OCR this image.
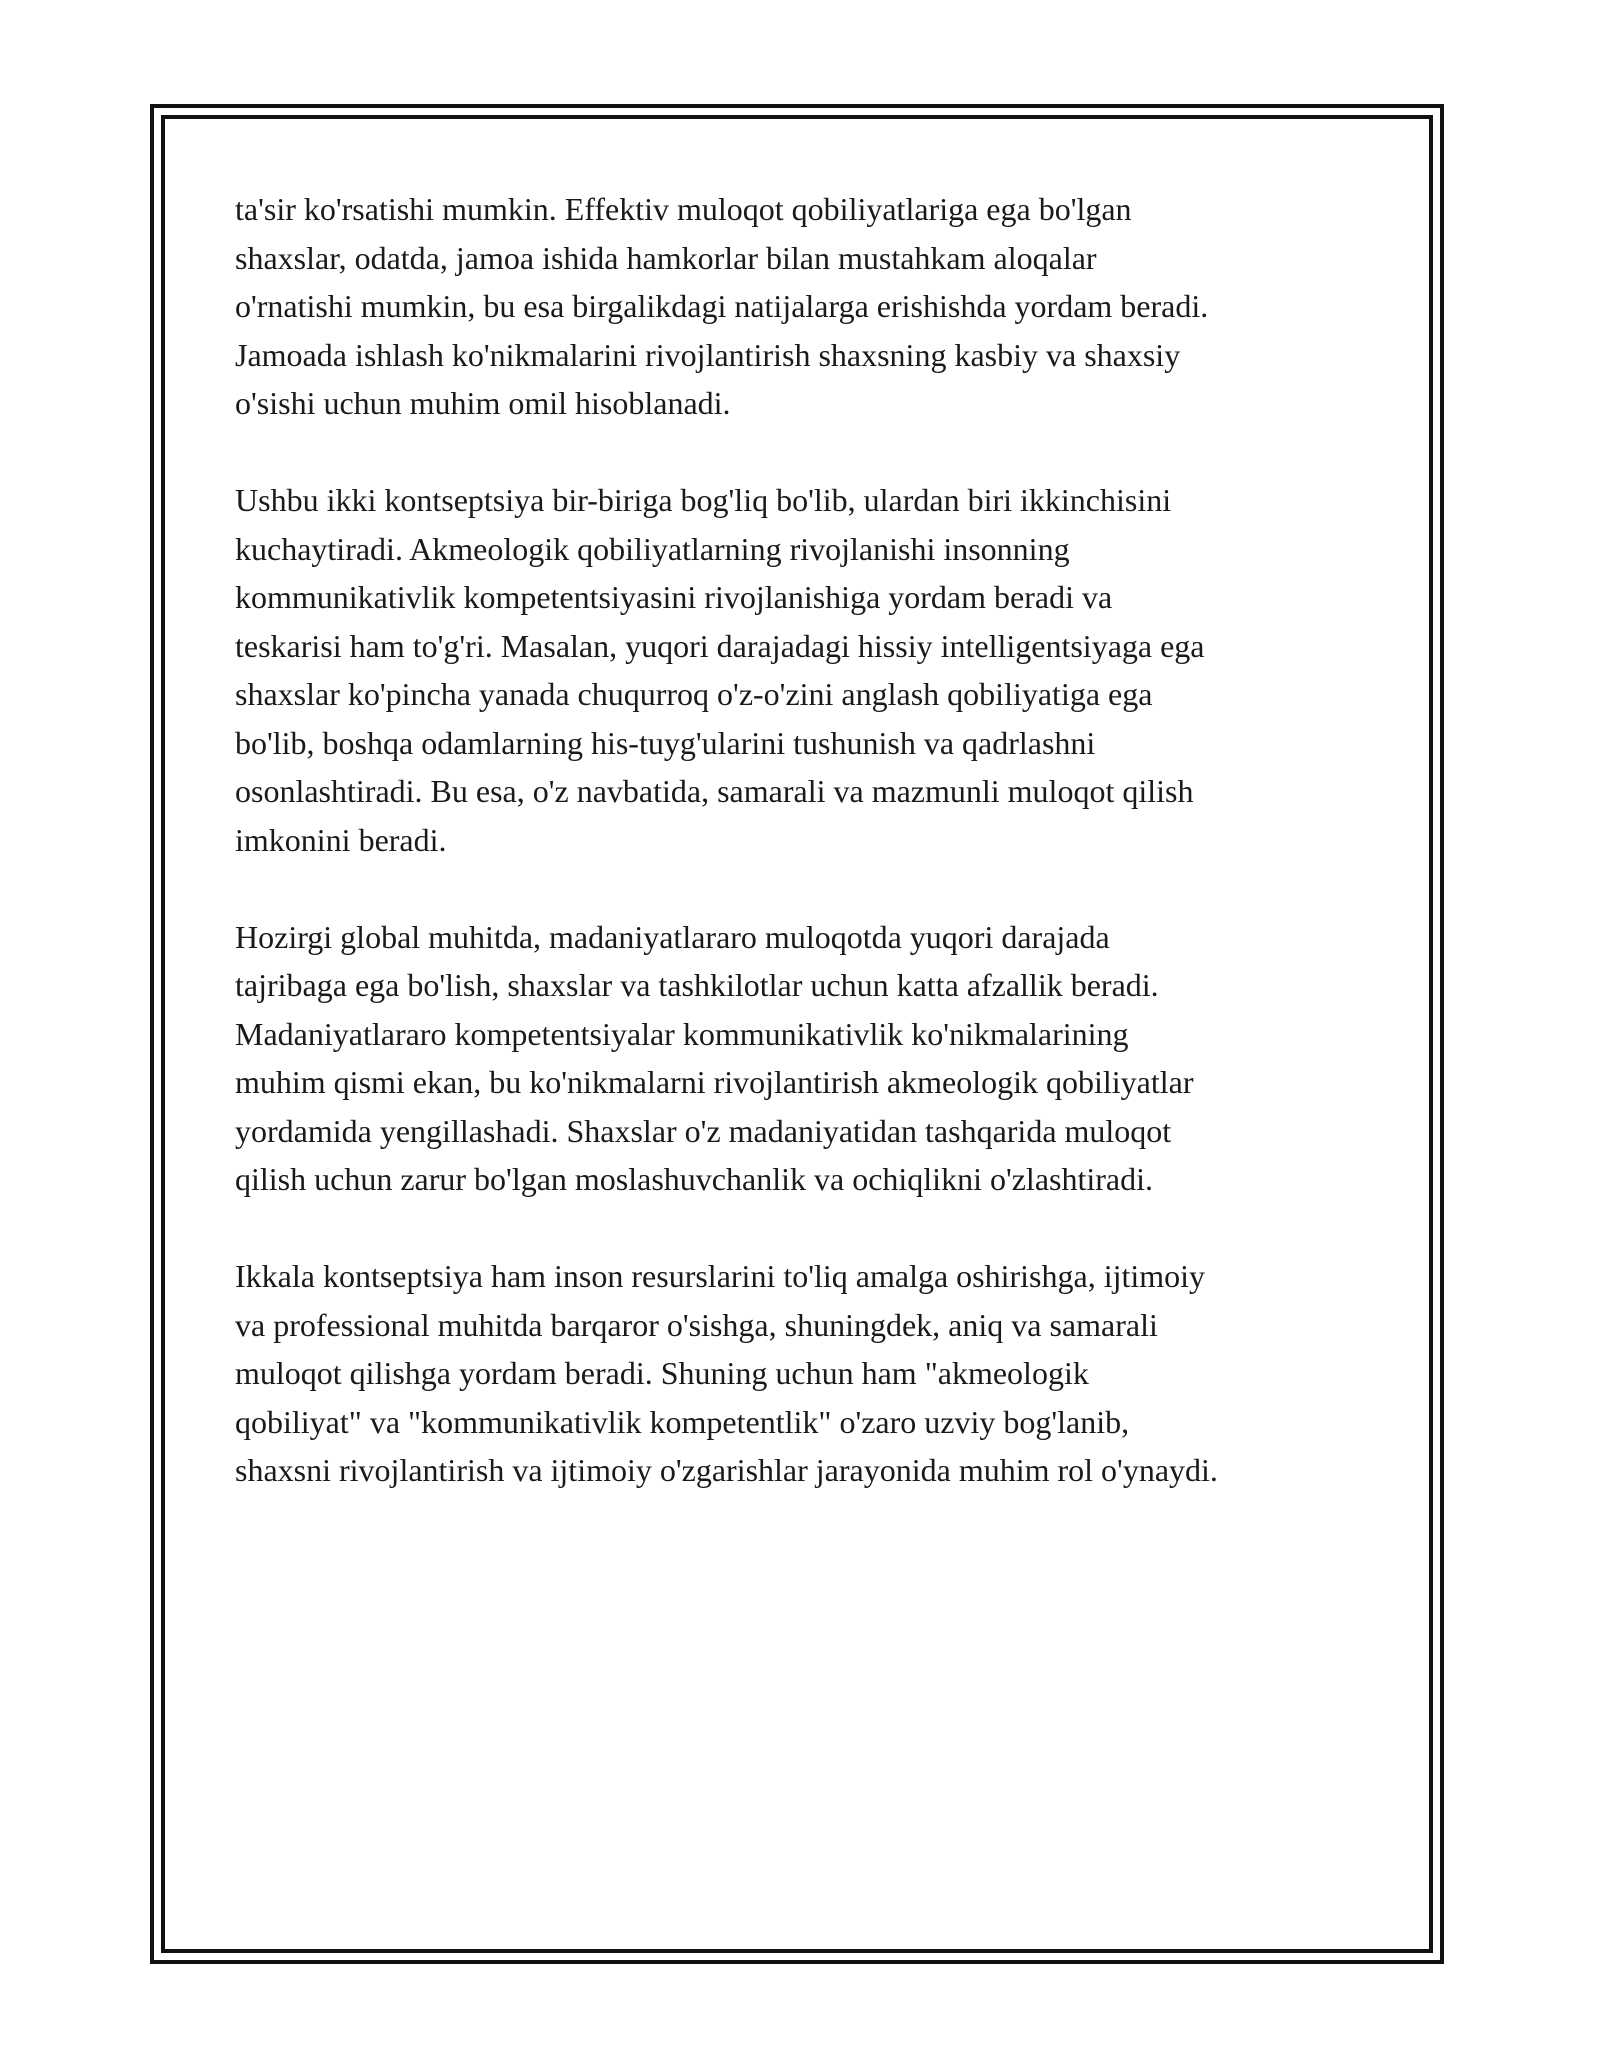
ta'sir ko'rsatishi mumkin. Effektiv muloqot qobiliyatlariga ega bo'lgan
shaxslar, odatda, jamoa ishida hamkorlar bilan mustahkam aloqalar
o'rnatishi mumkin, bu esa birgalikdagi natijalarga erishishda yordam beradi.
Jamoada ishlash ko'nikmalarini rivojlantirish shaxsning kasbiy va shaxsiy
o'sishi uchun muhim omil hisoblanadi.

Ushbu ikki kontseptsiya bir-biriga bog'liq bo'lib, ulardan biri ikkinchisini
kuchaytiradi. Akmeologik qobiliyatlarning rivojlanishi insonning
kommunikativlik kompetentsiyasini rivojlanishiga yordam beradi va
teskarisi ham to'g'ri. Masalan, yuqori darajadagi hissiy intelligentsiyaga ega
shaxslar ko'pincha yanada chuqurroq o'z-o'zini anglash qobiliyatiga ega
bo'lib, boshqa odamlarning his-tuyg'ularini tushunish va qadrlashni
osonlashtiradi. Bu esa, o'z navbatida, samarali va mazmunli muloqot qilish
imkonini beradi.

Hozirgi global muhitda, madaniyatlararo muloqotda yuqori darajada
tajribaga ega bo'lish, shaxslar va tashkilotlar uchun katta afzallik beradi.
Madaniyatlararo kompetentsiyalar kommunikativlik ko'nikmalarining
muhim qismi ekan, bu ko'nikmalarni rivojlantirish akmeologik qobiliyatlar
yordamida yengillashadi. Shaxslar o'z madaniyatidan tashqarida muloqot
qilish uchun zarur bo'lgan moslashuvchanlik va ochiqlikni o'zlashtiradi.

Ikkala kontseptsiya ham inson resurslarini to'liq amalga oshirishga, ijtimoiy
va professional muhitda barqaror o'sishga, shuningdek, aniq va samarali
muloqot qilishga yordam beradi. Shuning uchun ham "akmeologik
qobiliyat" va "kommunikativlik kompetentlik" o'zaro uzviy bog'lanib,
shaxsni rivojlantirish va ijtimoiy o'zgarishlar jarayonida muhim rol o'ynaydi.
